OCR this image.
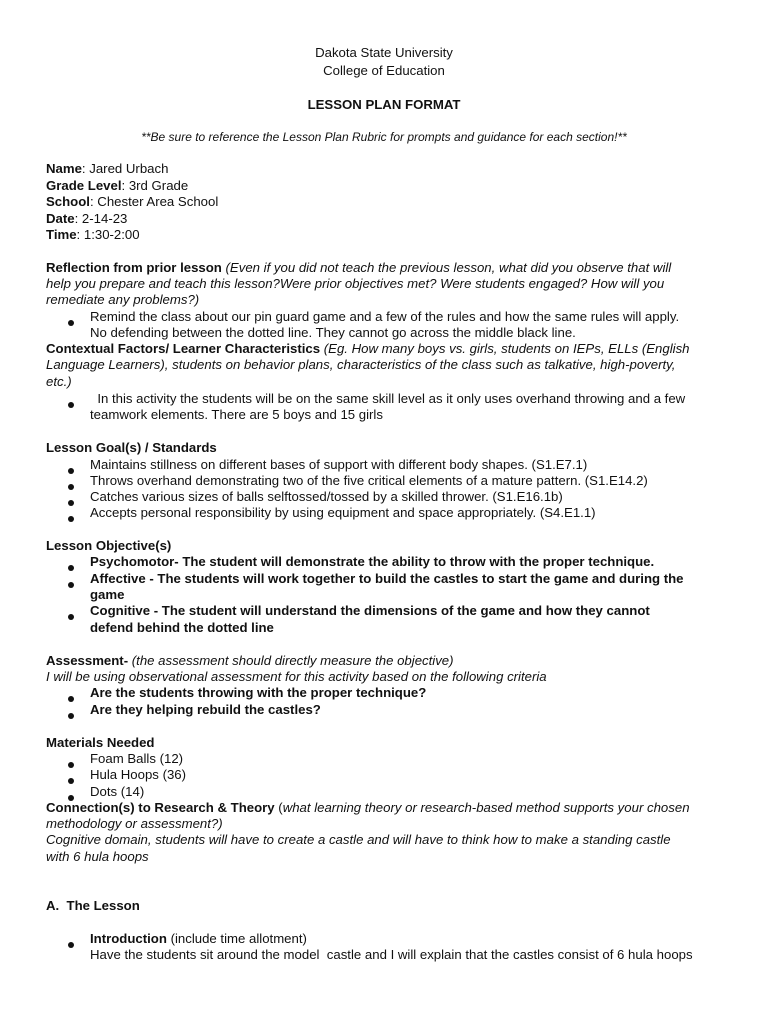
Dakota State University
College of Education
LESSON PLAN FORMAT
**Be sure to reference the Lesson Plan Rubric for prompts and guidance for each section!**
Name: Jared Urbach
Grade Level: 3rd Grade
School: Chester Area School
Date: 2-14-23
Time: 1:30-2:00
Reflection from prior lesson (Even if you did not teach the previous lesson, what did you observe that will
help you prepare and teach this lesson?Were prior objectives met? Were students engaged? How will you
remediate any problems?)
Remind the class about our pin guard game and a few of the rules and how the same rules will apply.
No defending between the dotted line. They cannot go across the middle black line.
Contextual Factors/ Learner Characteristics (Eg. How many boys vs. girls, students on IEPs, ELLs (English
Language Learners), students on behavior plans, characteristics of the class such as talkative, high-poverty,
etc.)
In this activity the students will be on the same skill level as it only uses overhand throwing and a few
teamwork elements. There are 5 boys and 15 girls
Lesson Goal(s) / Standards
Maintains stillness on different bases of support with different body shapes. (S1.E7.1)
Throws overhand demonstrating two of the five critical elements of a mature pattern. (S1.E14.2)
Catches various sizes of balls selftossed/tossed by a skilled thrower. (S1.E16.1b)
Accepts personal responsibility by using equipment and space appropriately. (S4.E1.1)
Lesson Objective(s)
Psychomotor- The student will demonstrate the ability to throw with the proper technique.
Affective - The students will work together to build the castles to start the game and during the
game
Cognitive - The student will understand the dimensions of the game and how they cannot
defend behind the dotted line
Assessment- (the assessment should directly measure the objective)
I will be using observational assessment for this activity based on the following criteria
Are the students throwing with the proper technique?
Are they helping rebuild the castles?
Materials Needed
Foam Balls (12)
Hula Hoops (36)
Dots (14)
Connection(s) to Research & Theory (what learning theory or research-based method supports your chosen
methodology or assessment?)
Cognitive domain, students will have to create a castle and will have to think how to make a standing castle
with 6 hula hoops
A.  The Lesson
Introduction (include time allotment)
Have the students sit around the model  castle and I will explain that the castles consist of 6 hula hoops
